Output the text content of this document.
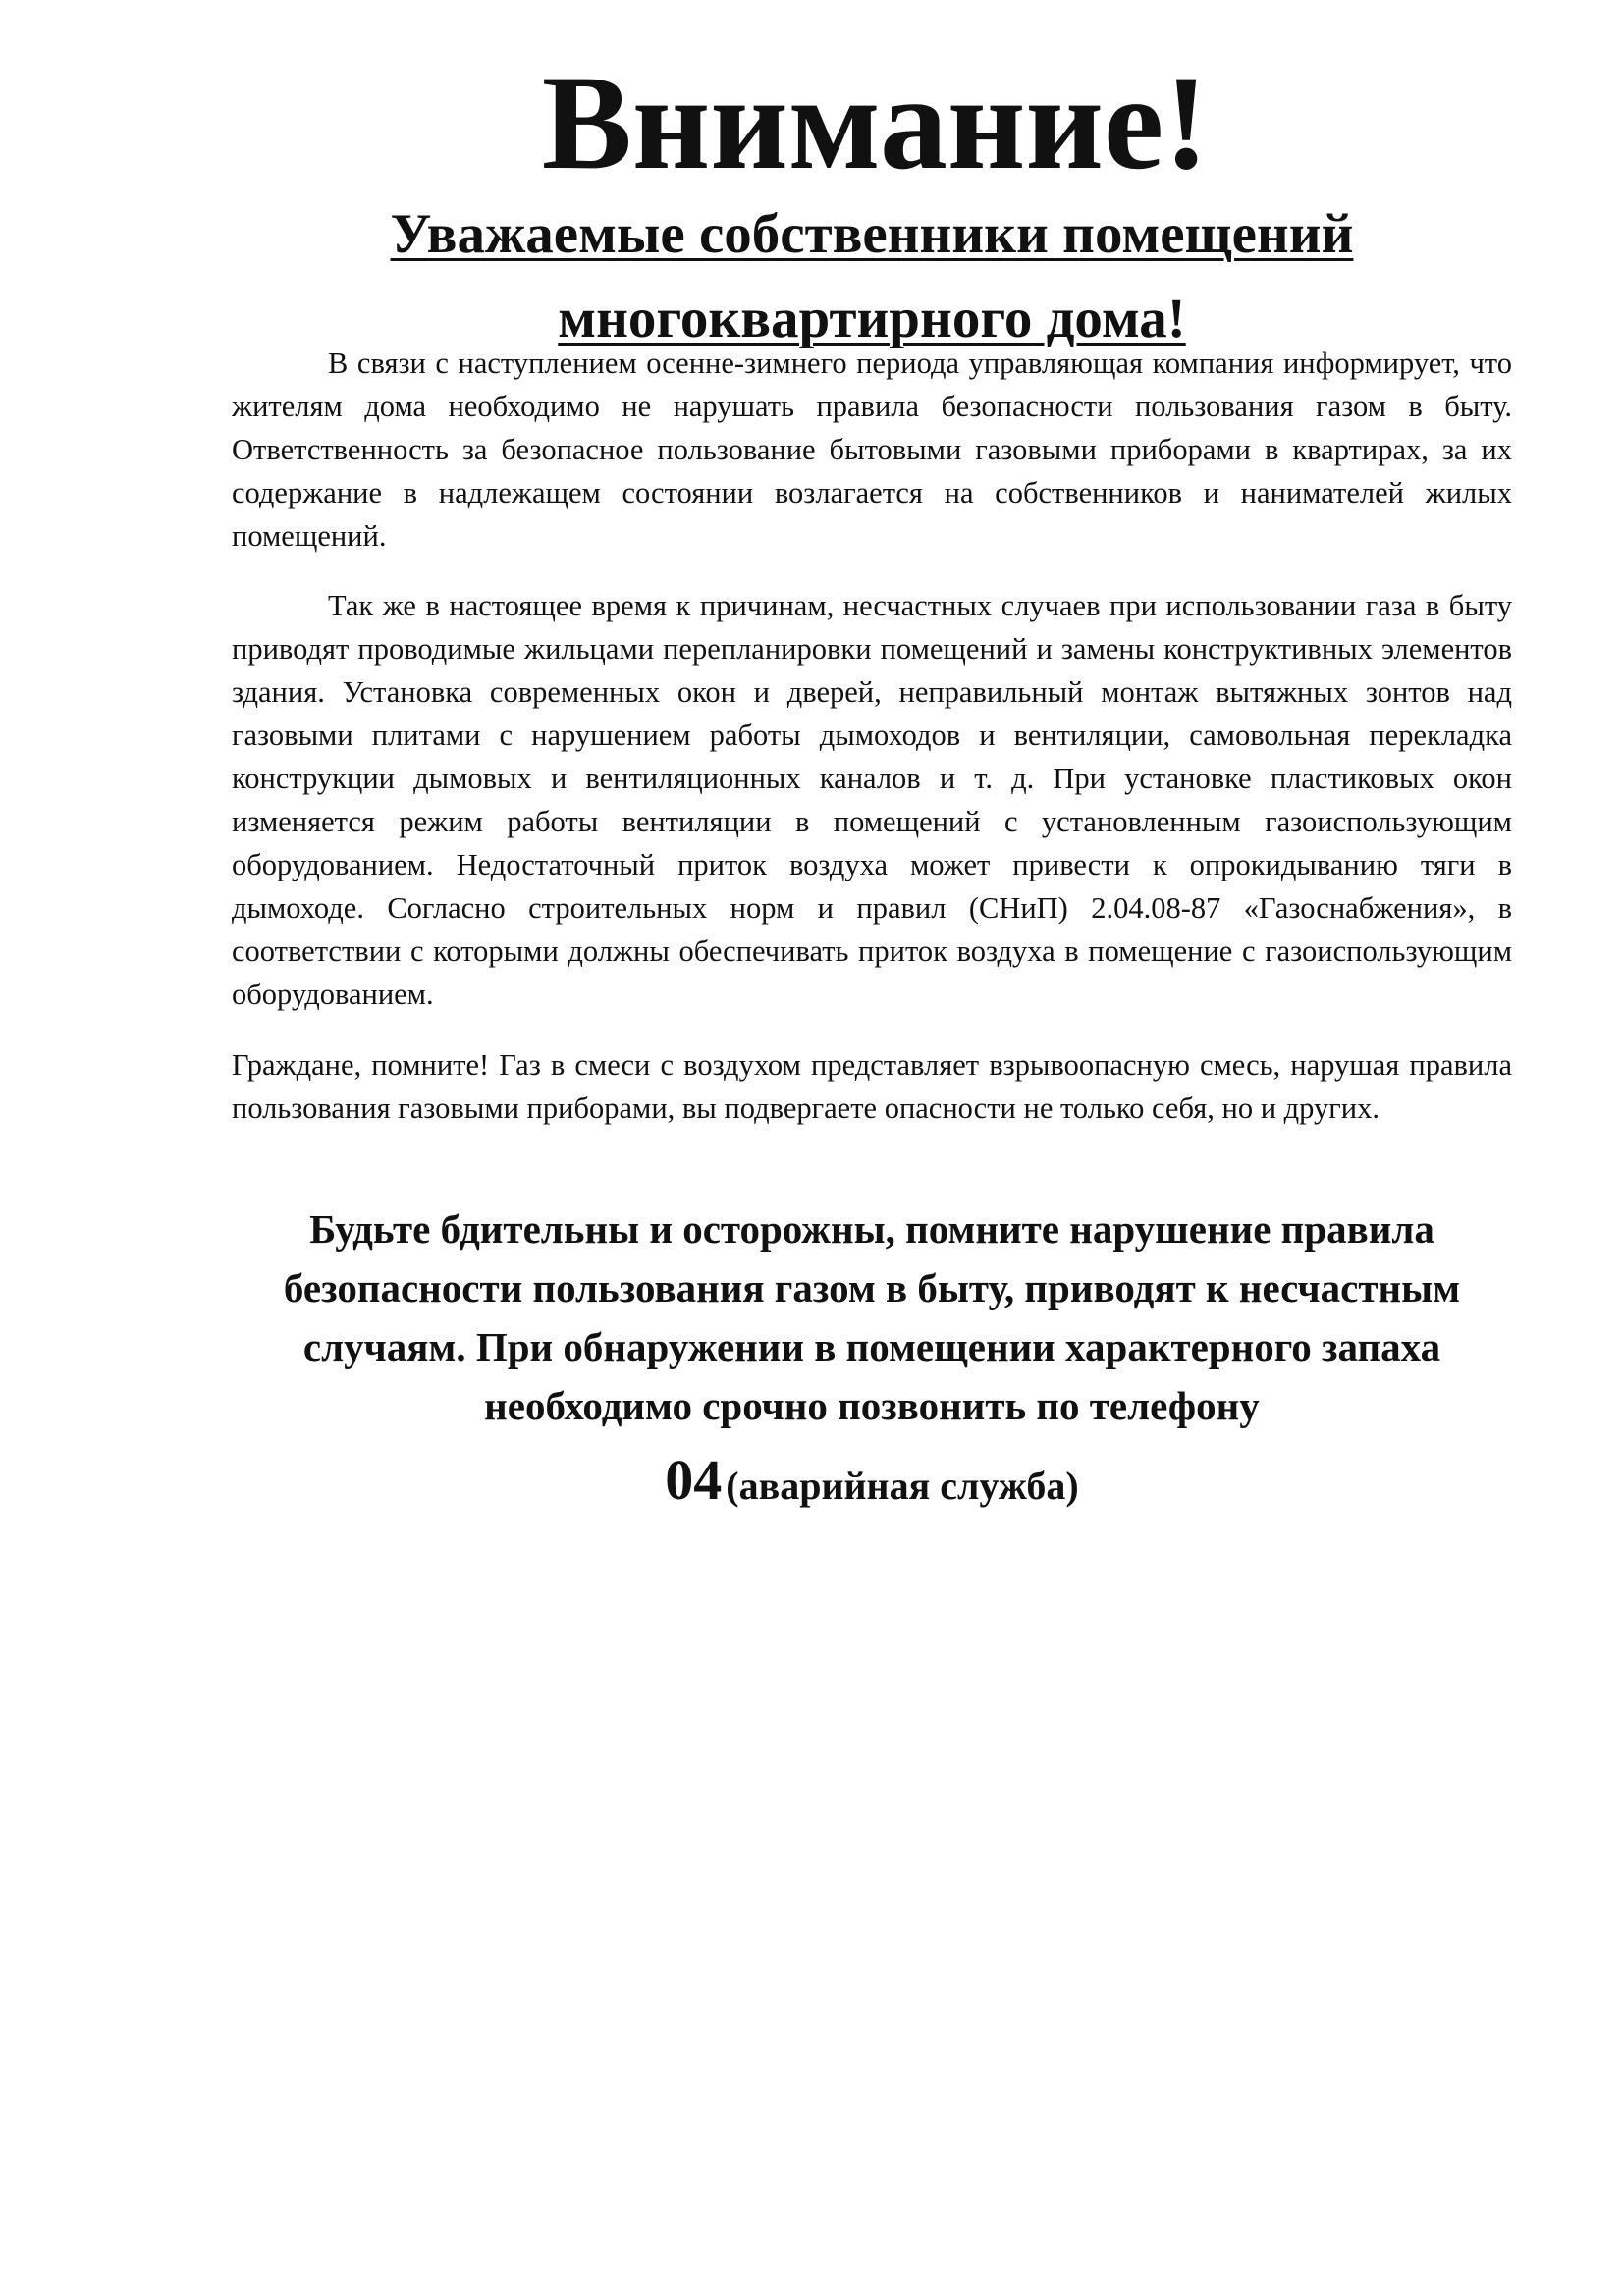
Внимание!
Уважаемые собственники помещений многоквартирного дома!

В связи с наступлением осенне-зимнего периода управляющая компания информирует, что жителям дома необходимо не нарушать правила безопасности пользования газом в быту. Ответственность за безопасное пользование бытовыми газовыми приборами в квартирах, за их содержание в надлежащем состоянии возлагается на собственников и нанимателей жилых помещений.

Так же в настоящее время к причинам, несчастных случаев при использовании газа в быту приводят проводимые жильцами перепланировки помещений и замены конструктивных элементов здания. Установка современных окон и дверей, неправильный монтаж вытяжных зонтов над газовыми плитами с нарушением работы дымоходов и вентиляции, самовольная перекладка конструкции дымовых и вентиляционных каналов и т. д. При установке пластиковых окон изменяется режим работы вентиляции в помещений с установленным газоиспользующим оборудованием. Недостаточный приток воздуха может привести к опрокидыванию тяги в дымоходе. Согласно строительных норм и правил (СНиП) 2.04.08-87 «Газоснабжения», в соответствии с которыми должны обеспечивать приток воздуха в помещение с газоиспользующим оборудованием.

Граждане, помните! Газ в смеси с воздухом представляет взрывоопасную смесь, нарушая правила пользования газовыми приборами, вы подвергаете опасности не только себя, но и других.

Будьте бдительны и осторожны, помните нарушение правила безопасности пользования газом в быту, приводят к несчастным случаям. При обнаружении в помещении характерного запаха необходимо срочно позвонить по телефону

04 (аварийная служба)
